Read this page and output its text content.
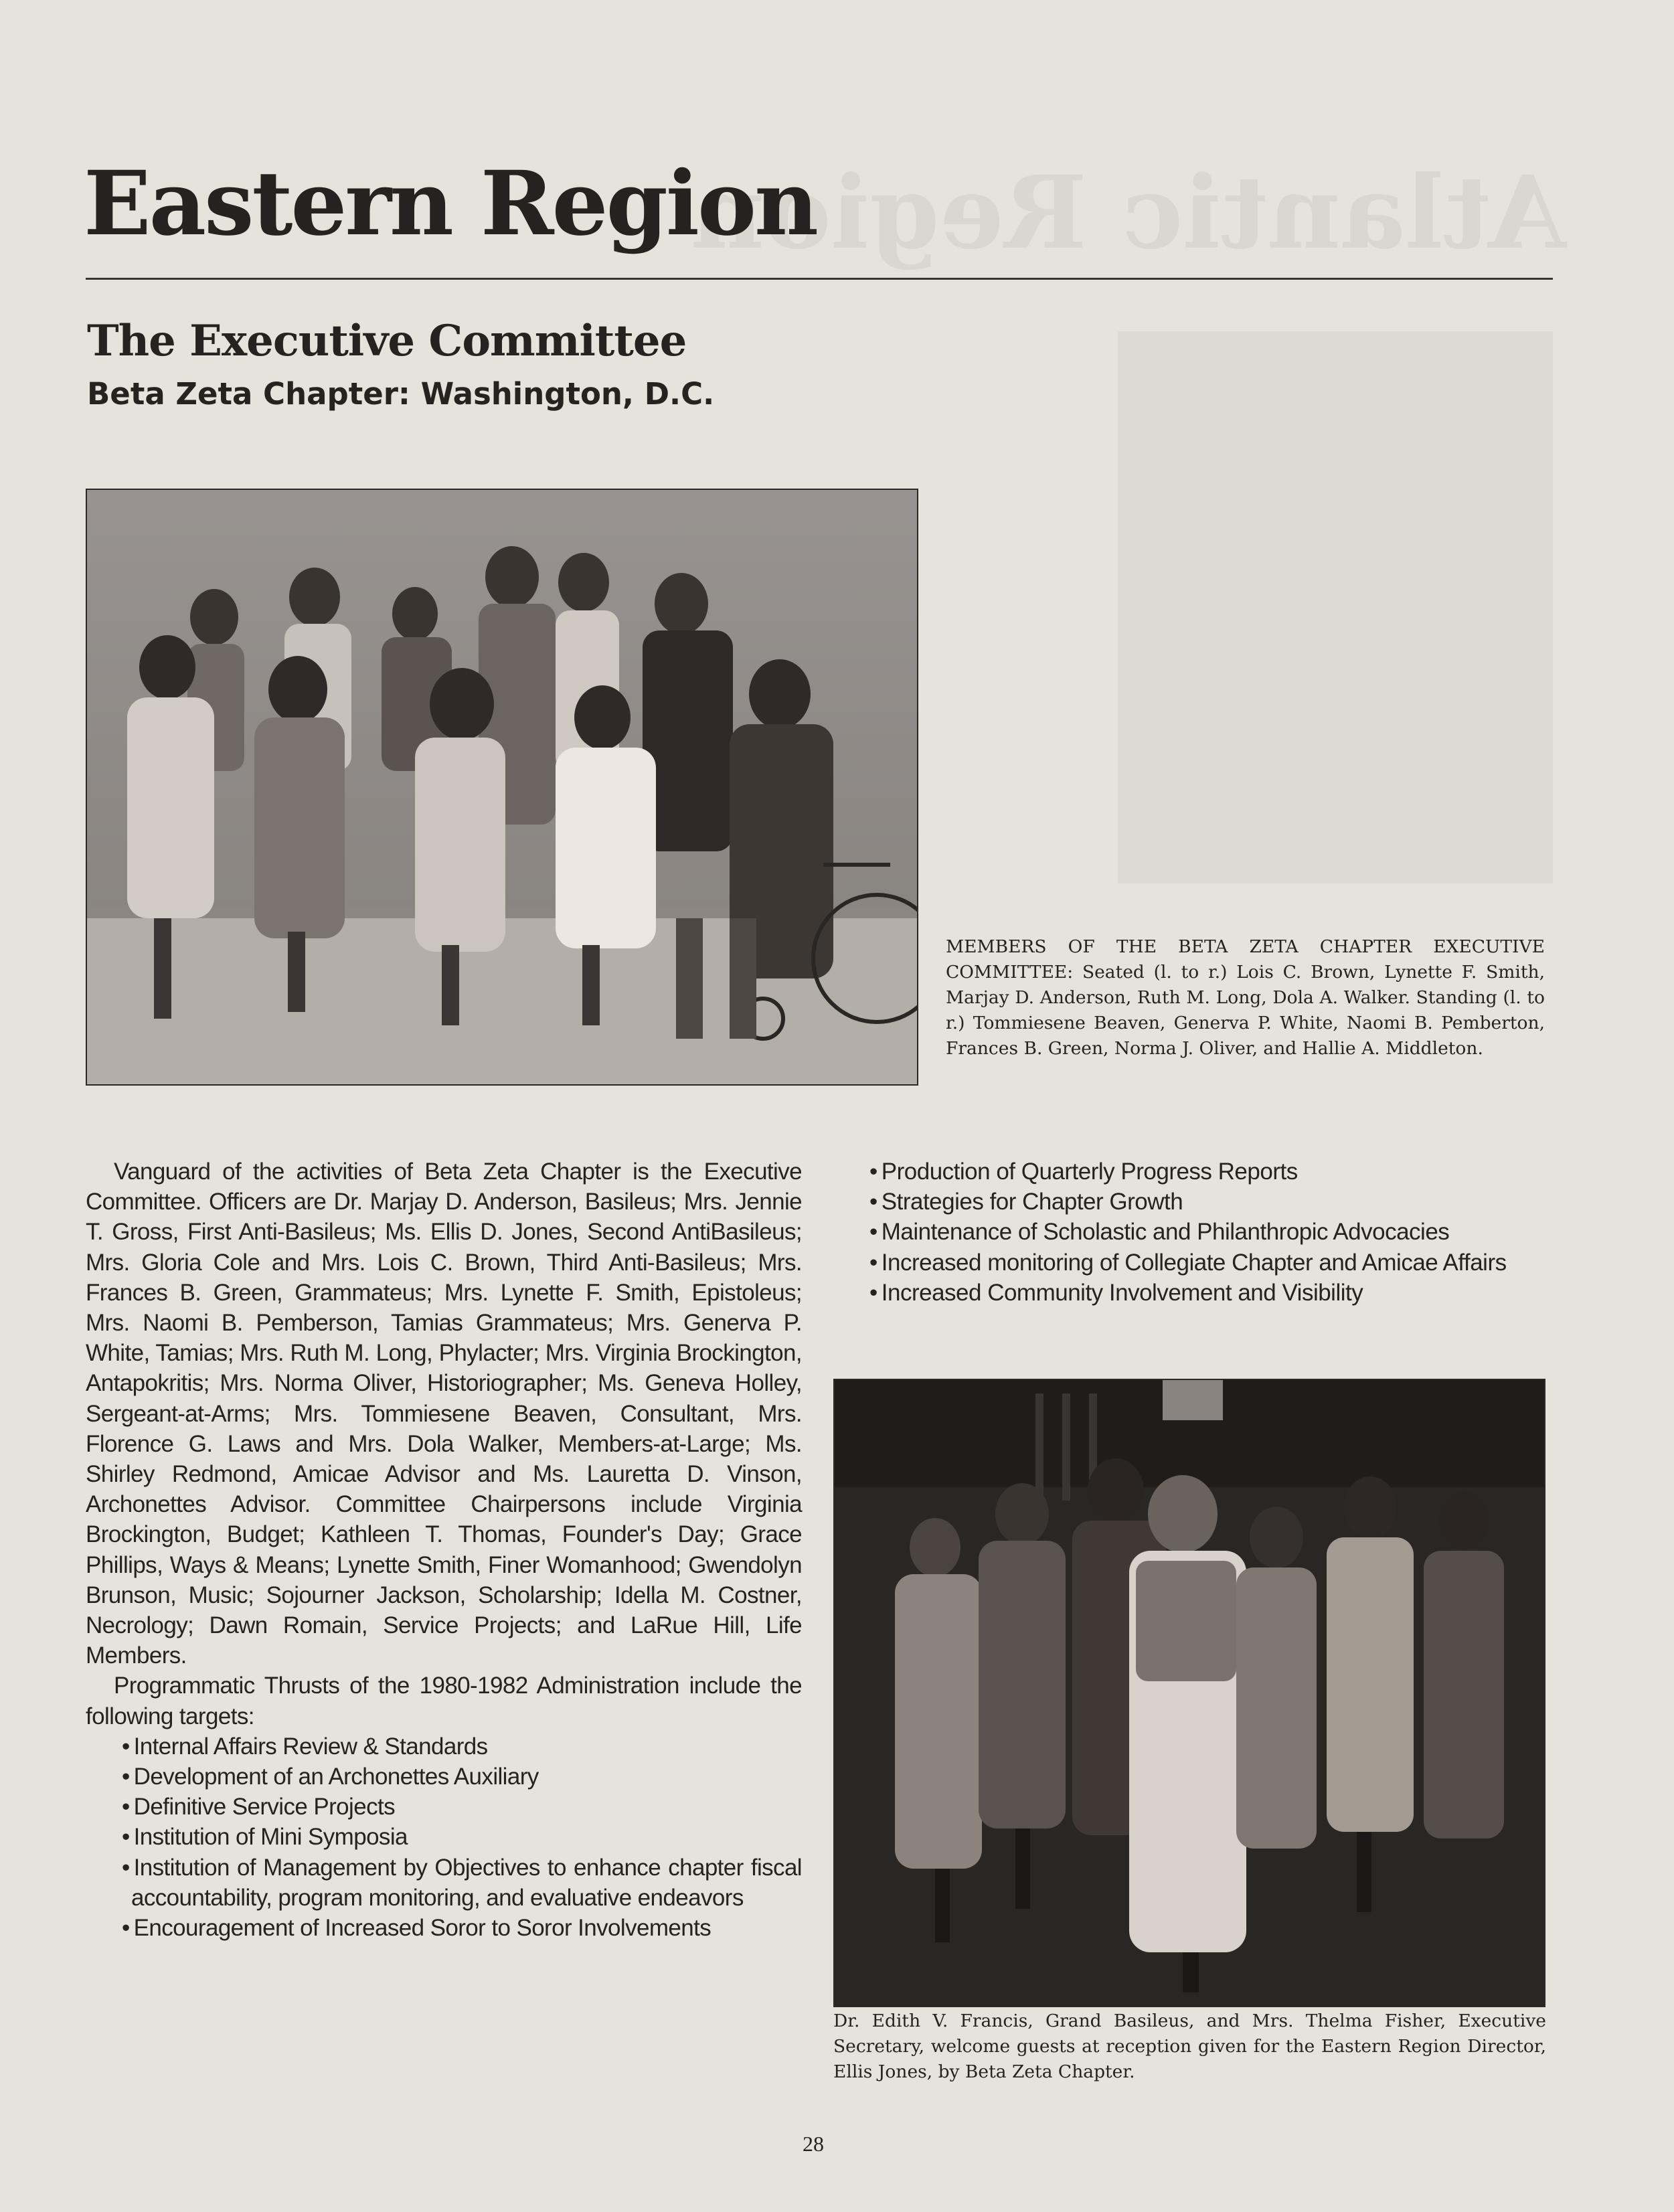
Atlantic Region
Eastern Region
The Executive Committee
Beta Zeta Chapter: Washington, D.C.
MEMBERS OF THE BETA ZETA CHAPTER EXECUTIVE COMMITTEE: Seated (l. to r.) Lois C. Brown, Lynette F. Smith, Marjay D. Anderson, Ruth M. Long, Dola A. Walker. Standing (l. to r.) Tommiesene Beaven, Generva P. White, Naomi B. Pemberton, Frances B. Green, Norma J. Oliver, and Hallie A. Middleton.

Vanguard of the activities of Beta Zeta Chapter is the Executive Committee. Officers are Dr. Marjay D. Anderson, Basileus; Mrs. Jennie T. Gross, First Anti-Basileus; Ms. Ellis D. Jones, Second AntiBasileus; Mrs. Gloria Cole and Mrs. Lois C. Brown, Third Anti-Basileus; Mrs. Frances B. Green, Grammateus; Mrs. Lynette F. Smith, Epistoleus; Mrs. Naomi B. Pemberson, Tamias Grammateus; Mrs. Generva P. White, Tamias; Mrs. Ruth M. Long, Phylacter; Mrs. Virginia Brockington, Antapokritis; Mrs. Norma Oliver, Historiographer; Ms. Geneva Holley, Sergeant-at-Arms; Mrs. Tommiesene Beaven, Consultant, Mrs. Florence G. Laws and Mrs. Dola Walker, Members-at-Large; Ms. Shirley Redmond, Amicae Advisor and Ms. Lauretta D. Vinson, Archonettes Advisor. Committee Chairpersons include Virginia Brockington, Budget; Kathleen T. Thomas, Founder's Day; Grace Phillips, Ways & Means; Lynette Smith, Finer Womanhood; Gwendolyn Brunson, Music; Sojourner Jackson, Scholarship; Idella M. Costner, Necrology; Dawn Romain, Service Projects; and LaRue Hill, Life Members.

Programmatic Thrusts of the 1980-1982 Administration include the following targets:

• Internal Affairs Review & Standards
• Development of an Archonettes Auxiliary
• Definitive Service Projects
• Institution of Mini Symposia
• Institution of Management by Objectives to enhance chapter fiscal accountability, program monitoring, and evaluative endeavors
• Encouragement of Increased Soror to Soror Involvements
• Production of Quarterly Progress Reports
• Strategies for Chapter Growth
• Maintenance of Scholastic and Philanthropic Advocacies
• Increased monitoring of Collegiate Chapter and Amicae Affairs
• Increased Community Involvement and Visibility
Dr. Edith V. Francis, Grand Basileus, and Mrs. Thelma Fisher, Executive Secretary, welcome guests at reception given for the Eastern Region Director, Ellis Jones, by Beta Zeta Chapter.
28
